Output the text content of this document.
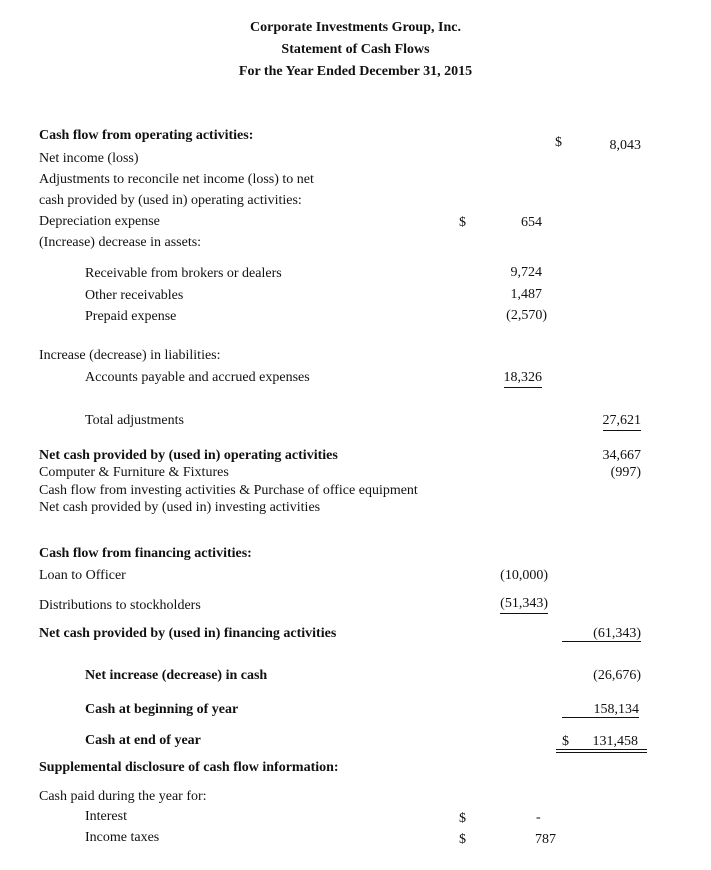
Corporate Investments Group, Inc.
Statement of Cash Flows
For the Year Ended December 31, 2015
Cash flow from operating activities:	$	8,043
Net income (loss)
Adjustments to reconcile net income (loss) to net
cash provided by (used in) operating activities:
Depreciation expense	$	654
(Increase) decrease in assets:
Receivable from brokers or dealers	9,724
Other receivables	1,487
Prepaid expense	(2,570)
Increase (decrease) in liabilities:
Accounts payable and accrued expenses	18,326
Total adjustments	27,621
Net cash provided by (used in) operating activities	34,667
Computer & Furniture & Fixtures	(997)
Cash flow from investing activities & Purchase of office equipment
Net cash provided by (used in) investing activities
Cash flow from financing activities:
Loan to Officer	(10,000)
Distributions to stockholders	(51,343)
Net cash provided by (used in) financing activities	(61,343)
Net increase (decrease) in cash	(26,676)
Cash at beginning of year	158,134
Cash at end of year	$ 131,458
Supplemental disclosure of cash flow information:
Cash paid during the year for:
Interest	$	-
Income taxes	$	787
